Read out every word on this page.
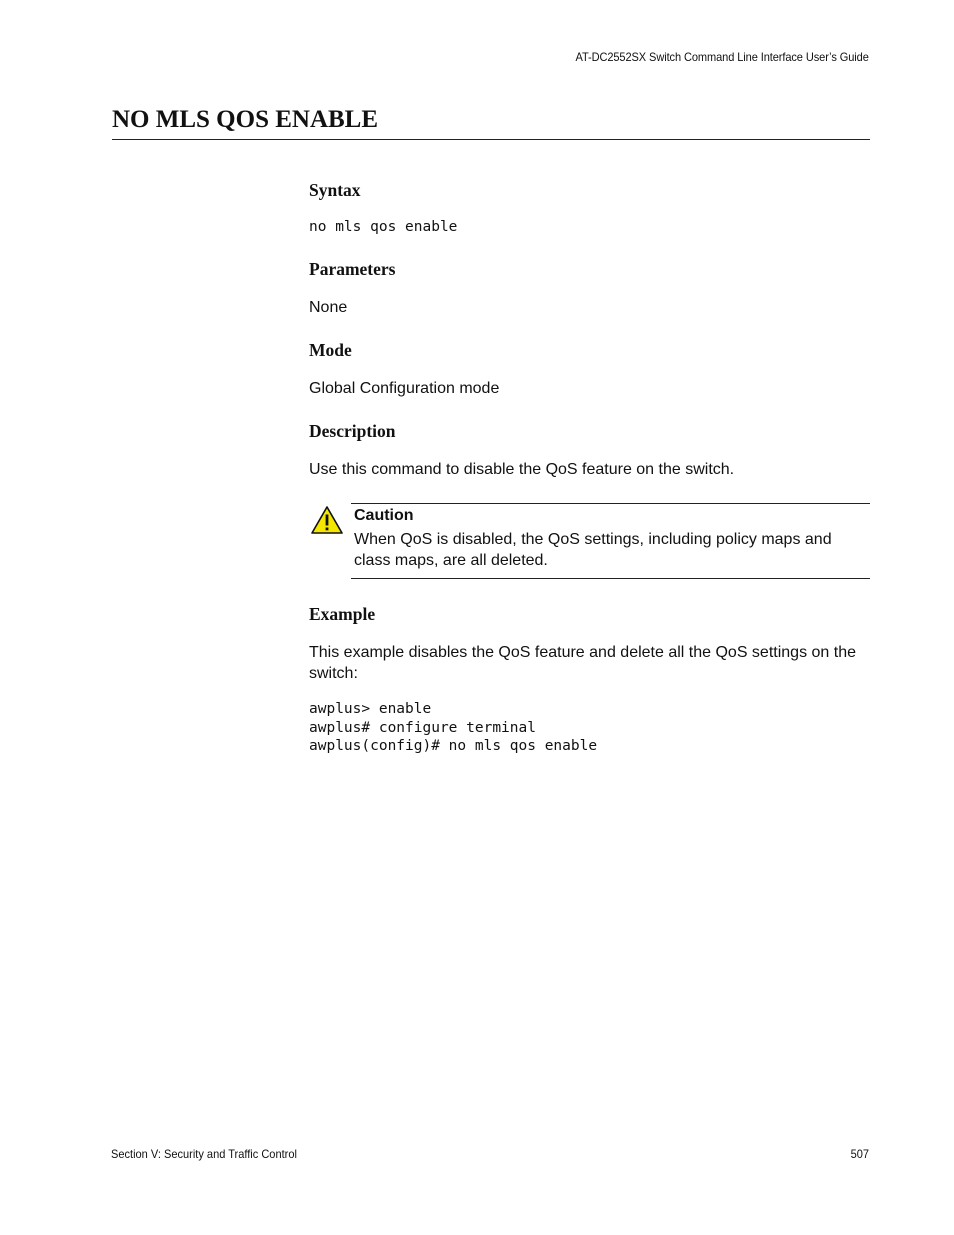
AT-DC2552SX Switch Command Line Interface User’s Guide
NO MLS QOS ENABLE
Syntax
no mls qos enable
Parameters

None

Mode

Global Configuration mode

Description

Use this command to disable the QoS feature on the switch.

Caution

When QoS is disabled, the QoS settings, including policy maps and class maps, are all deleted.

Example

This example disables the QoS feature and delete all the QoS settings on the switch:

awplus> enable
awplus# configure terminal
awplus(config)# no mls qos enable
Section V: Security and Traffic Control	507
